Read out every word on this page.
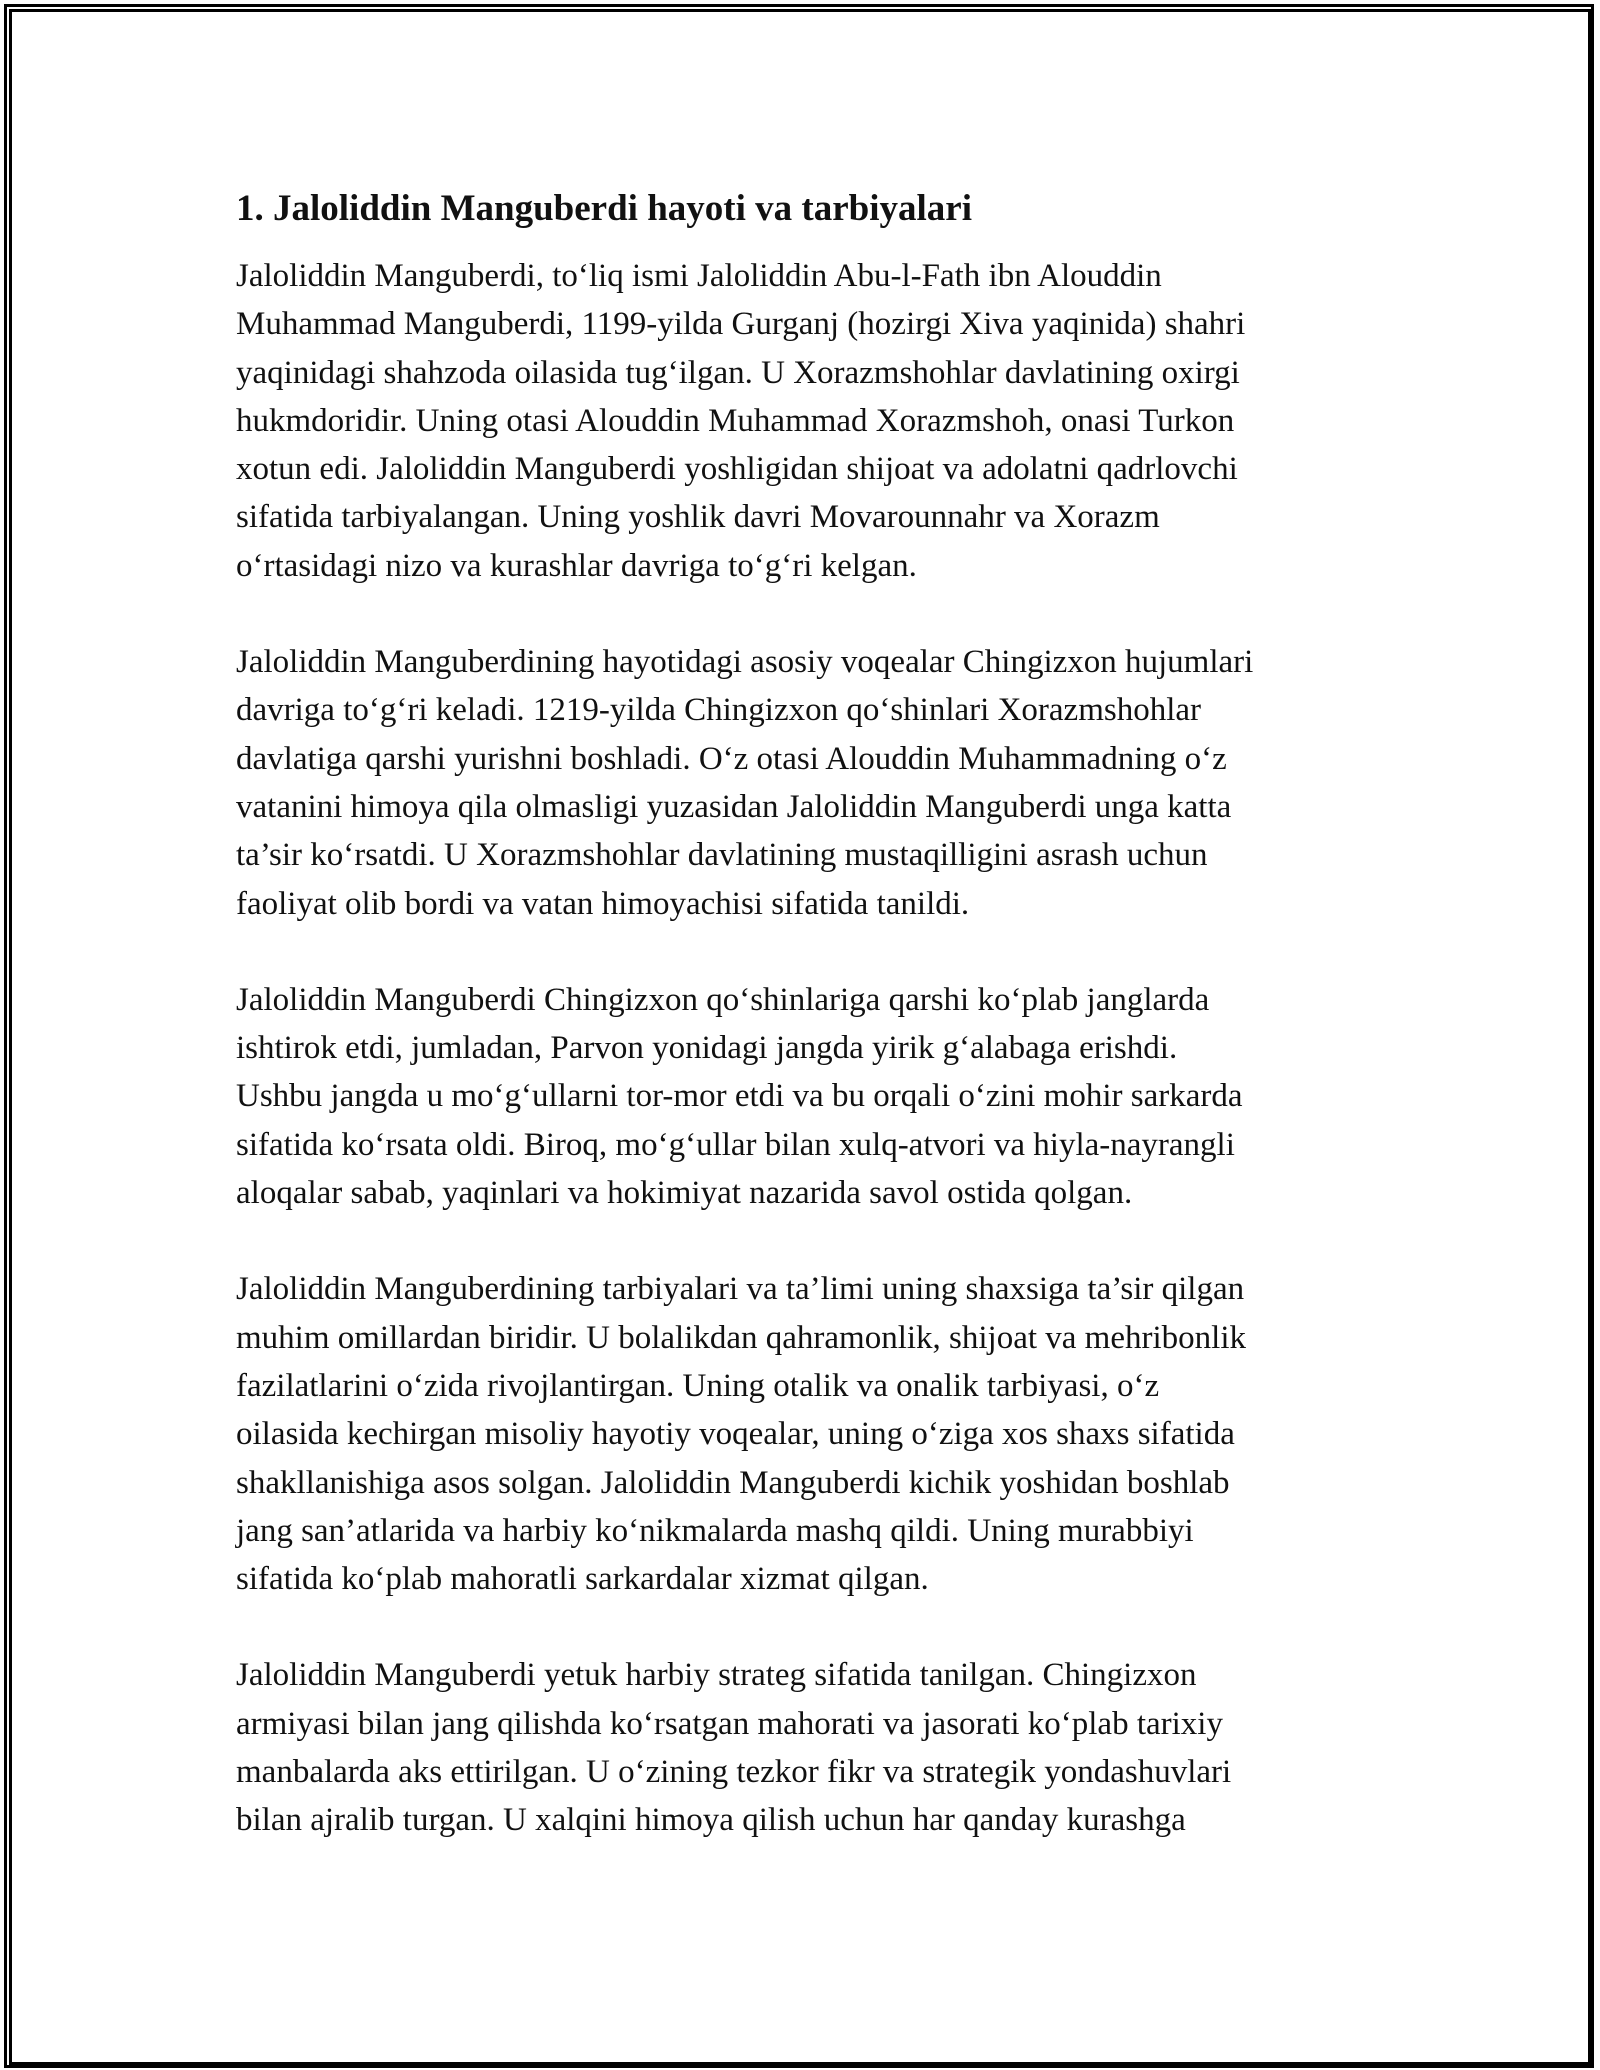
1. Jaloliddin Manguberdi hayoti va tarbiyalari

Jaloliddin Manguberdi, to‘liq ismi Jaloliddin Abu-l-Fath ibn Alouddin
Muhammad Manguberdi, 1199-yilda Gurganj (hozirgi Xiva yaqinida) shahri
yaqinidagi shahzoda oilasida tug‘ilgan. U Xorazmshohlar davlatining oxirgi
hukmdoridir. Uning otasi Alouddin Muhammad Xorazmshoh, onasi Turkon
xotun edi. Jaloliddin Manguberdi yoshligidan shijoat va adolatni qadrlovchi
sifatida tarbiyalangan. Uning yoshlik davri Movarounnahr va Xorazm
o‘rtasidagi nizo va kurashlar davriga to‘g‘ri kelgan.

Jaloliddin Manguberdining hayotidagi asosiy voqealar Chingizxon hujumlari
davriga to‘g‘ri keladi. 1219-yilda Chingizxon qo‘shinlari Xorazmshohlar
davlatiga qarshi yurishni boshladi. O‘z otasi Alouddin Muhammadning o‘z
vatanini himoya qila olmasligi yuzasidan Jaloliddin Manguberdi unga katta
ta’sir ko‘rsatdi. U Xorazmshohlar davlatining mustaqilligini asrash uchun
faoliyat olib bordi va vatan himoyachisi sifatida tanildi.

Jaloliddin Manguberdi Chingizxon qo‘shinlariga qarshi ko‘plab janglarda
ishtirok etdi, jumladan, Parvon yonidagi jangda yirik g‘alabaga erishdi.
Ushbu jangda u mo‘g‘ullarni tor-mor etdi va bu orqali o‘zini mohir sarkarda
sifatida ko‘rsata oldi. Biroq, mo‘g‘ullar bilan xulq-atvori va hiyla-nayrangli
aloqalar sabab, yaqinlari va hokimiyat nazarida savol ostida qolgan.

Jaloliddin Manguberdining tarbiyalari va ta’limi uning shaxsiga ta’sir qilgan
muhim omillardan biridir. U bolalikdan qahramonlik, shijoat va mehribonlik
fazilatlarini o‘zida rivojlantirgan. Uning otalik va onalik tarbiyasi, o‘z
oilasida kechirgan misoliy hayotiy voqealar, uning o‘ziga xos shaxs sifatida
shakllanishiga asos solgan. Jaloliddin Manguberdi kichik yoshidan boshlab
jang san’atlarida va harbiy ko‘nikmalarda mashq qildi. Uning murabbiyi
sifatida ko‘plab mahoratli sarkardalar xizmat qilgan.

Jaloliddin Manguberdi yetuk harbiy strateg sifatida tanilgan. Chingizxon
armiyasi bilan jang qilishda ko‘rsatgan mahorati va jasorati ko‘plab tarixiy
manbalarda aks ettirilgan. U o‘zining tezkor fikr va strategik yondashuvlari
bilan ajralib turgan. U xalqini himoya qilish uchun har qanday kurashga
